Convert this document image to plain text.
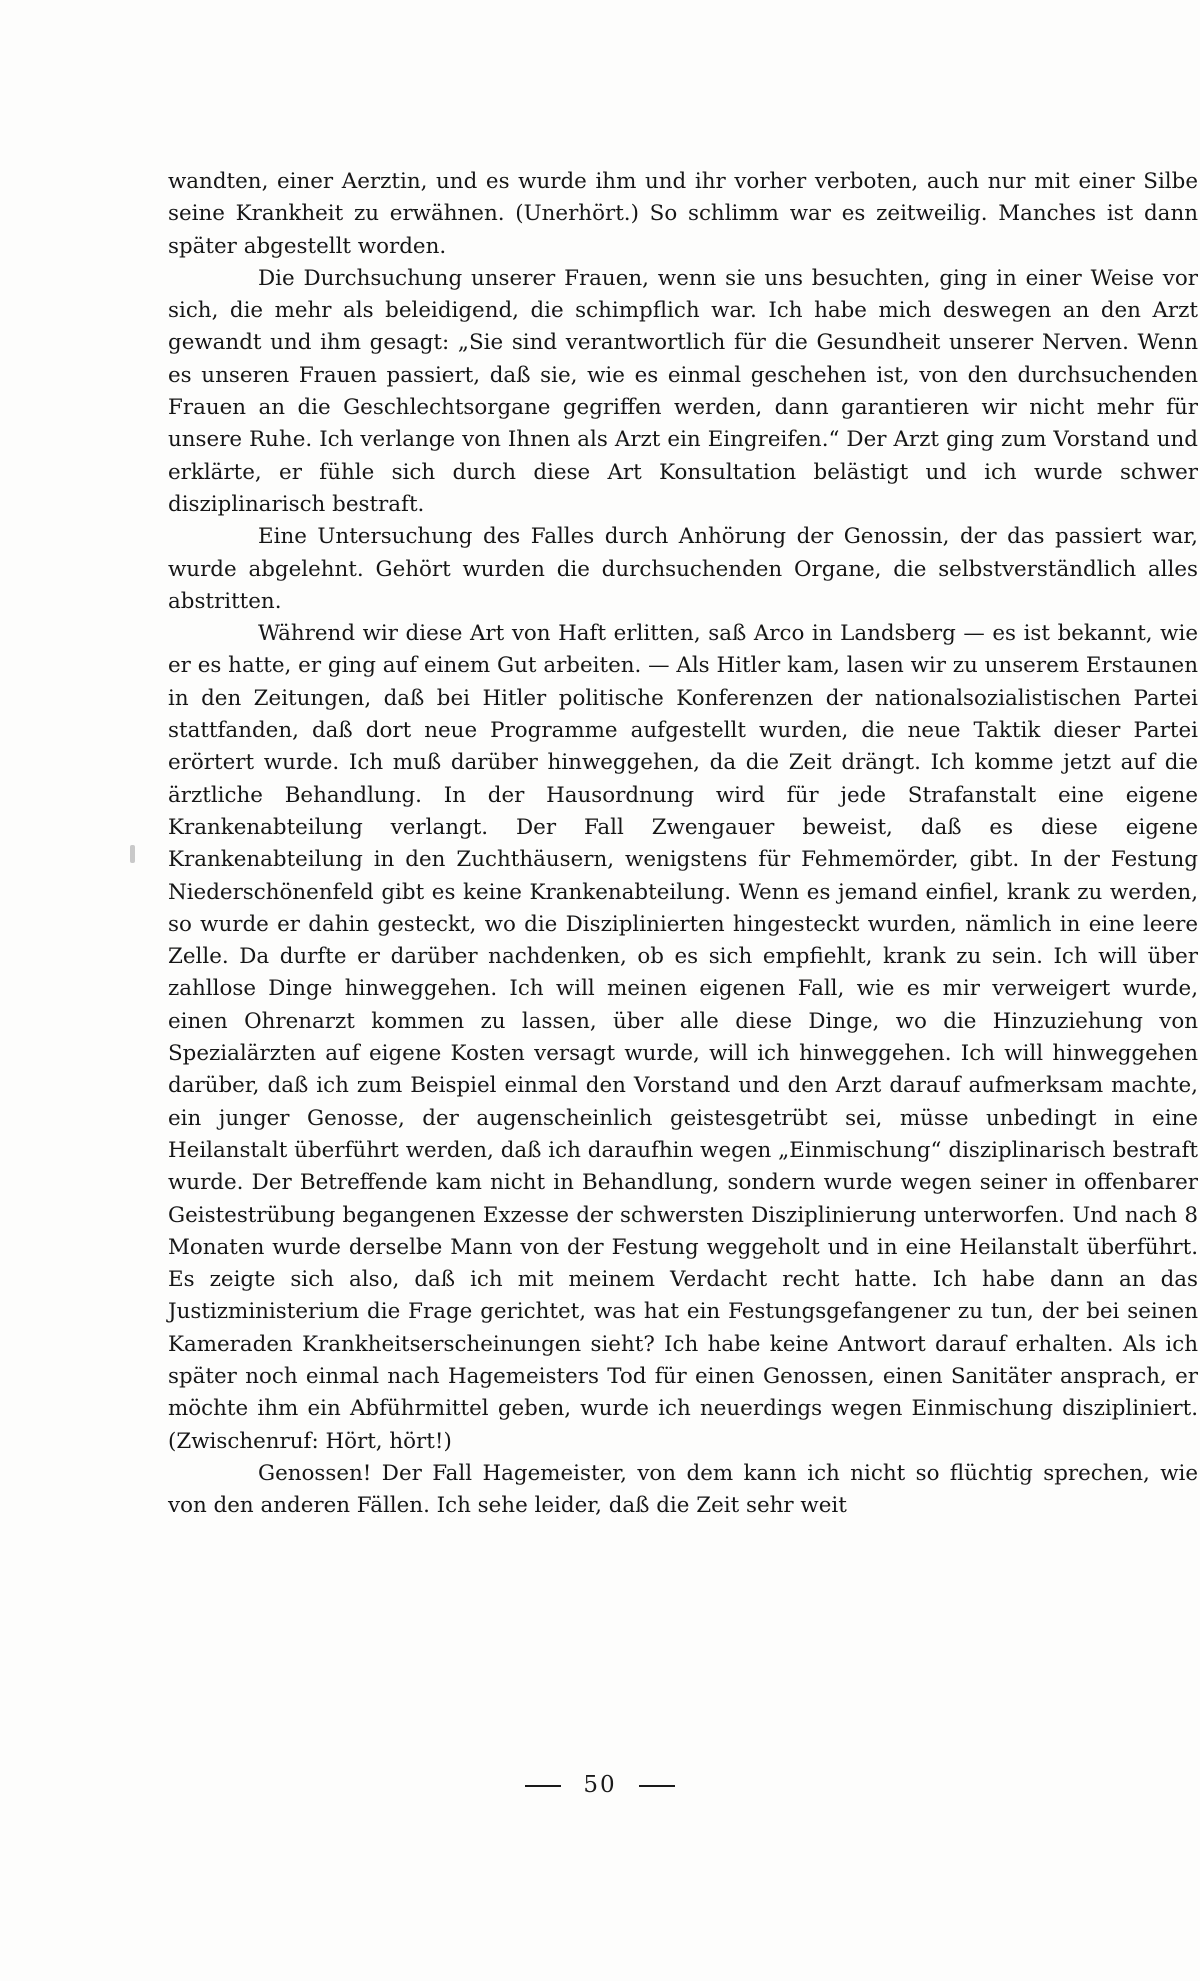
wandten, einer Aerztin, und es wurde ihm und ihr vorher verboten, auch nur mit einer Silbe seine Krankheit zu erwähnen. (Unerhört.) So schlimm war es zeitweilig. Manches ist dann später abgestellt worden.

Die Durchsuchung unserer Frauen, wenn sie uns besuchten, ging in einer Weise vor sich, die mehr als beleidigend, die schimpflich war. Ich habe mich deswegen an den Arzt gewandt und ihm gesagt: „Sie sind verantwortlich für die Gesundheit unserer Nerven. Wenn es unseren Frauen passiert, daß sie, wie es einmal geschehen ist, von den durchsuchenden Frauen an die Geschlechtsorgane gegriffen werden, dann garantieren wir nicht mehr für unsere Ruhe. Ich verlange von Ihnen als Arzt ein Eingreifen.“ Der Arzt ging zum Vorstand und erklärte, er fühle sich durch diese Art Konsultation belästigt und ich wurde schwer disziplinarisch bestraft.

Eine Untersuchung des Falles durch Anhörung der Genossin, der das passiert war, wurde abgelehnt. Gehört wurden die durchsuchenden Organe, die selbstverständlich alles abstritten.

Während wir diese Art von Haft erlitten, saß Arco in Landsberg — es ist bekannt, wie er es hatte, er ging auf einem Gut arbeiten. — Als Hitler kam, lasen wir zu unserem Erstaunen in den Zeitungen, daß bei Hitler politische Konferenzen der nationalsozialistischen Partei stattfanden, daß dort neue Programme aufgestellt wurden, die neue Taktik dieser Partei erörtert wurde. Ich muß darüber hinweggehen, da die Zeit drängt. Ich komme jetzt auf die ärztliche Behandlung. In der Hausordnung wird für jede Strafanstalt eine eigene Krankenabteilung verlangt. Der Fall Zwengauer beweist, daß es diese eigene Krankenabteilung in den Zuchthäusern, wenigstens für Fehmemörder, gibt. In der Festung Niederschönenfeld gibt es keine Krankenabteilung. Wenn es jemand einfiel, krank zu werden, so wurde er dahin gesteckt, wo die Disziplinierten hingesteckt wurden, nämlich in eine leere Zelle. Da durfte er darüber nachdenken, ob es sich empfiehlt, krank zu sein. Ich will über zahllose Dinge hinweggehen. Ich will meinen eigenen Fall, wie es mir verweigert wurde, einen Ohrenarzt kommen zu lassen, über alle diese Dinge, wo die Hinzuziehung von Spezialärzten auf eigene Kosten versagt wurde, will ich hinweggehen. Ich will hinweggehen darüber, daß ich zum Beispiel einmal den Vorstand und den Arzt darauf aufmerksam machte, ein junger Genosse, der augenscheinlich geistesgetrübt sei, müsse unbedingt in eine Heilanstalt überführt werden, daß ich daraufhin wegen „Einmischung“ disziplinarisch bestraft wurde. Der Betreffende kam nicht in Behandlung, sondern wurde wegen seiner in offenbarer Geistestrübung begangenen Exzesse der schwersten Disziplinierung unterworfen. Und nach 8 Monaten wurde derselbe Mann von der Festung weggeholt und in eine Heilanstalt überführt. Es zeigte sich also, daß ich mit meinem Verdacht recht hatte. Ich habe dann an das Justizministerium die Frage gerichtet, was hat ein Festungsgefangener zu tun, der bei seinen Kameraden Krankheitserscheinungen sieht? Ich habe keine Antwort darauf erhalten. Als ich später noch einmal nach Hagemeisters Tod für einen Genossen, einen Sanitäter ansprach, er möchte ihm ein Abführmittel geben, wurde ich neuerdings wegen Einmischung diszipliniert. (Zwischenruf: Hört, hört!)

Genossen! Der Fall Hagemeister, von dem kann ich nicht so flüchtig sprechen, wie von den anderen Fällen. Ich sehe leider, daß die Zeit sehr weit

50
